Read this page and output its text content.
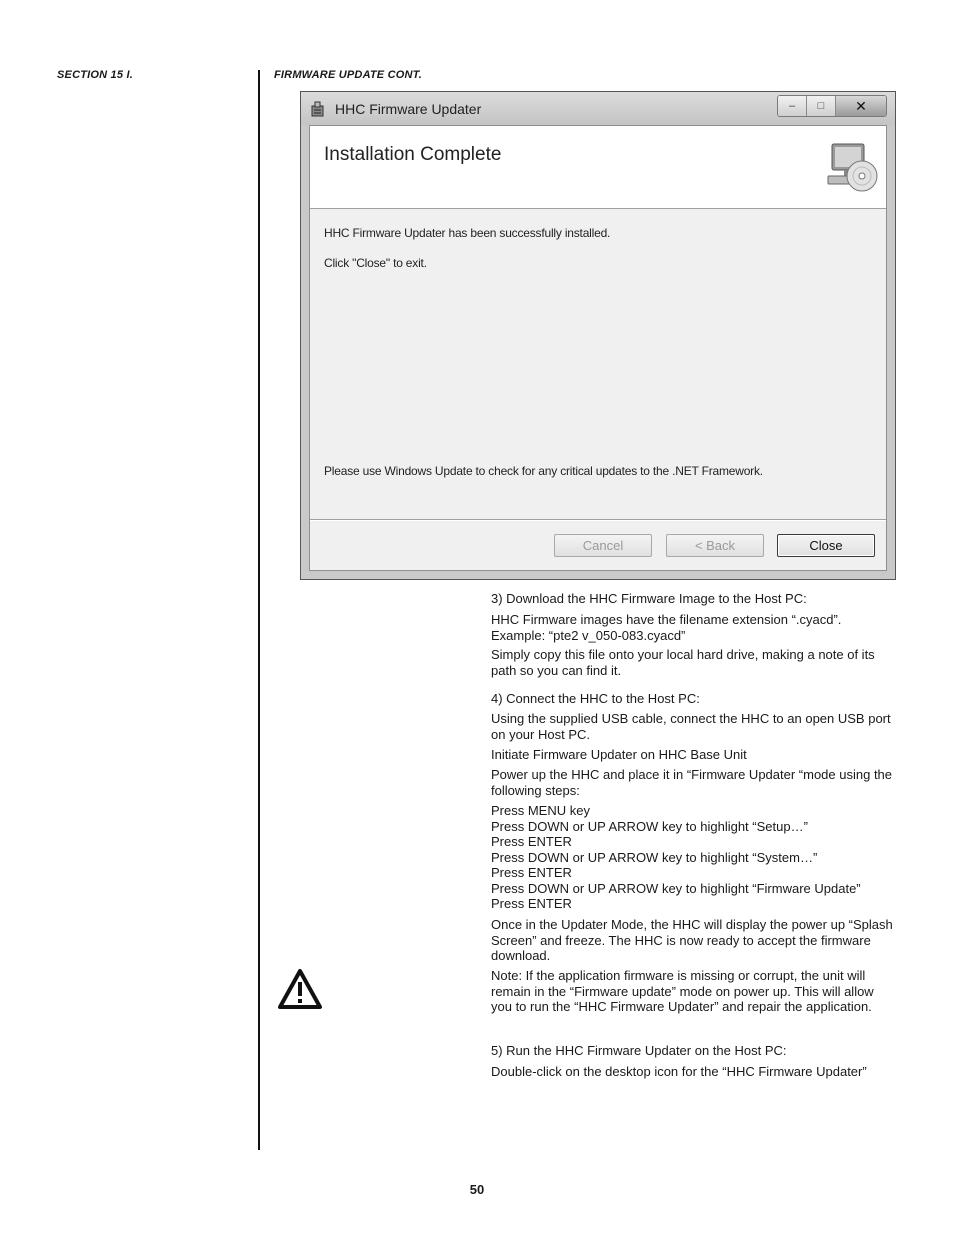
SECTION 15 I.	FIRMWARE UPDATE CONT.
HHC Firmware Updater	–	□	✕
Installation Complete
HHC Firmware Updater has been successfully installed.
Click "Close" to exit.
Please use Windows Update to check for any critical updates to the .NET Framework.
Cancel	< Back	Close
3) Download the HHC Firmware Image to the Host PC:
HHC Firmware images have the filename extension “.cyacd”. Example: “pte2 v_050-083.cyacd”
Simply copy this file onto your local hard drive, making a note of its path so you can find it.
4) Connect the HHC to the Host PC:
Using the supplied USB cable, connect the HHC to an open USB port on your Host PC.
Initiate Firmware Updater on HHC Base Unit
Power up the HHC and place it in “Firmware Updater “mode using the following steps:
Press MENU key
Press DOWN or UP ARROW key to highlight “Setup…”
Press ENTER
Press DOWN or UP ARROW key to highlight “System…”
Press ENTER
Press DOWN or UP ARROW key to highlight “Firmware Update”
Press ENTER
Once in the Updater Mode, the HHC will display the power up “Splash Screen” and freeze. The HHC is now ready to accept the firmware download.
Note: If the application firmware is missing or corrupt, the unit will remain in the “Firmware update” mode on power up. This will allow you to run the “HHC Firmware Updater” and repair the application.
5) Run the HHC Firmware Updater on the Host PC:
Double-click on the desktop icon for the “HHC Firmware Updater”
50
